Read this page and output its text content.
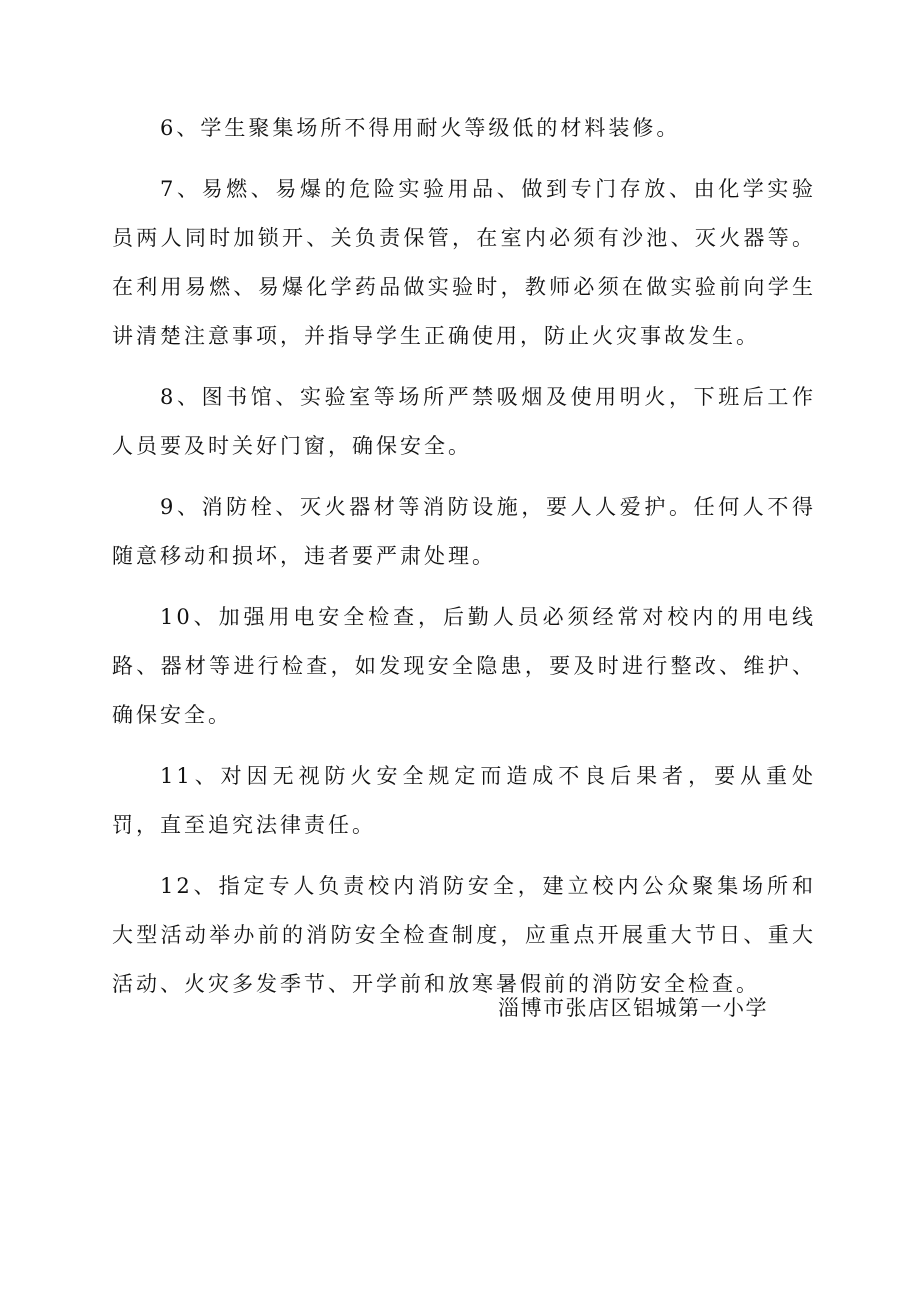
6、学生聚集场所不得用耐火等级低的材料装修。

7、易燃、易爆的危险实验用品、做到专门存放、由化学实验员两人同时加锁开、关负责保管，在室内必须有沙池、灭火器等。在利用易燃、易爆化学药品做实验时，教师必须在做实验前向学生讲清楚注意事项，并指导学生正确使用，防止火灾事故发生。

8、图书馆、实验室等场所严禁吸烟及使用明火，下班后工作人员要及时关好门窗，确保安全。

9、消防栓、灭火器材等消防设施，要人人爱护。任何人不得随意移动和损坏，违者要严肃处理。

10、加强用电安全检查，后勤人员必须经常对校内的用电线路、器材等进行检查，如发现安全隐患，要及时进行整改、维护、确保安全。

11、对因无视防火安全规定而造成不良后果者，要从重处罚，直至追究法律责任。

12、指定专人负责校内消防安全，建立校内公众聚集场所和大型活动举办前的消防安全检查制度，应重点开展重大节日、重大活动、火灾多发季节、开学前和放寒暑假前的消防安全检查。

淄博市张店区铝城第一小学
